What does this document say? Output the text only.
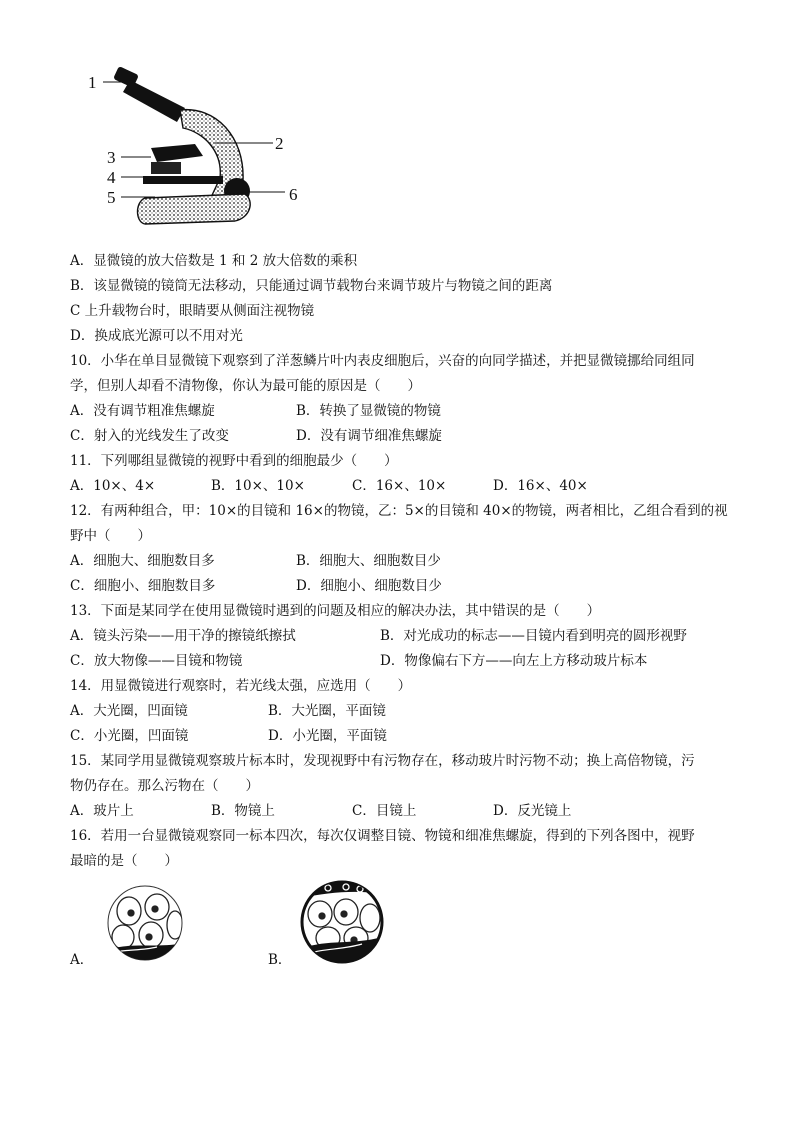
1
2
3
4
5	6
A．显微镜的放大倍数是 1 和 2 放大倍数的乘积
B．该显微镜的镜筒无法移动，只能通过调节载物台来调节玻片与物镜之间的距离
C 上升载物台时，眼睛要从侧面注视物镜
D．换成底光源可以不用对光
10．小华在单目显微镜下观察到了洋葱鳞片叶内表皮细胞后，兴奋的向同学描述，并把显微镜挪给同组同
学，但别人却看不清物像，你认为最可能的原因是（　　）
A．没有调节粗准焦螺旋	B．转换了显微镜的物镜
C．射入的光线发生了改变	D．没有调节细准焦螺旋
11．下列哪组显微镜的视野中看到的细胞最少（　　）
A．10×、4×	B．10×、10×	C．16×、10×	D．16×、40×
12．有两种组合，甲：10×的目镜和 16×的物镜，乙：5×的目镜和 40×的物镜，两者相比，乙组合看到的视
野中（　　）
A．细胞大、细胞数目多	B．细胞大、细胞数目少
C．细胞小、细胞数目多	D．细胞小、细胞数目少
13．下面是某同学在使用显微镜时遇到的问题及相应的解决办法，其中错误的是（　　）
A．镜头污染——用干净的擦镜纸擦拭	B．对光成功的标志——目镜内看到明亮的圆形视野
C．放大物像——目镜和物镜	D．物像偏右下方——向左上方移动玻片标本
14．用显微镜进行观察时，若光线太强，应选用（　　）
A．大光圈，凹面镜	B．大光圈，平面镜
C．小光圈，凹面镜	D．小光圈，平面镜
15．某同学用显微镜观察玻片标本时，发现视野中有污物存在，移动玻片时污物不动；换上高倍物镜，污
物仍存在。那么污物在（　　）
A．玻片上	B．物镜上	C．目镜上	D．反光镜上
16．若用一台显微镜观察同一标本四次，每次仅调整目镜、物镜和细准焦螺旋，得到的下列各图中，视野
最暗的是（　　）
A．	B．
